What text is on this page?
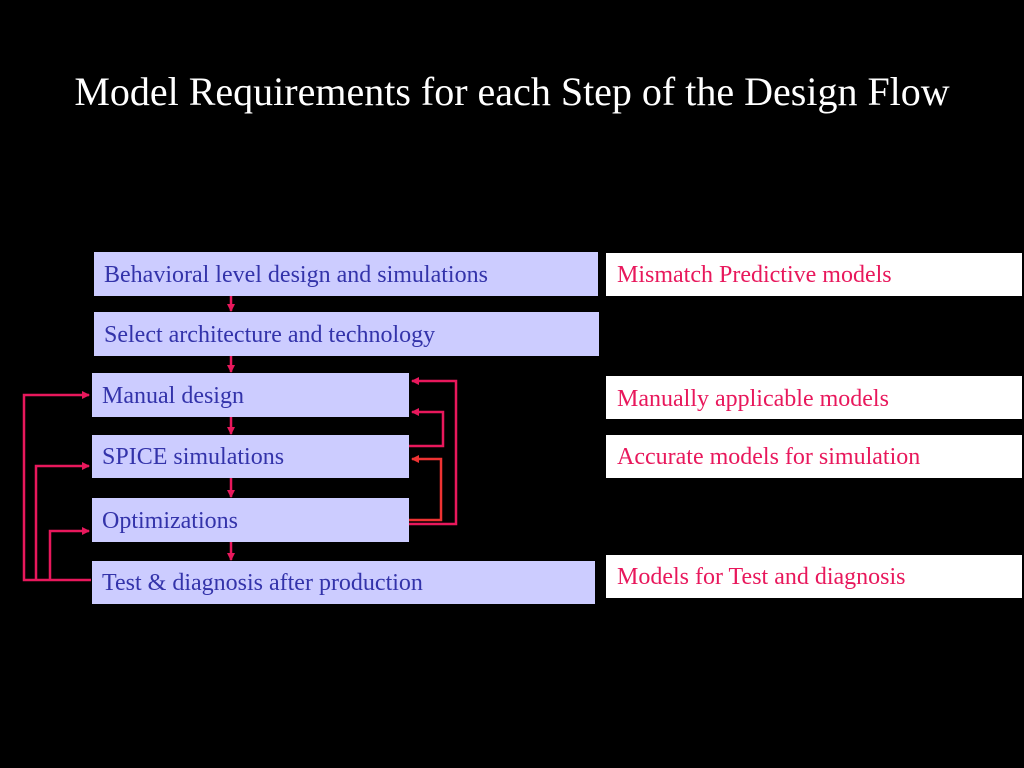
Model Requirements for each Step of the Design Flow
Behavioral level design and simulations
Select architecture and technology
Manual design
SPICE simulations
Optimizations
Test & diagnosis after production
Mismatch Predictive models
Manually applicable models
Accurate models for simulation
Models for Test and diagnosis
